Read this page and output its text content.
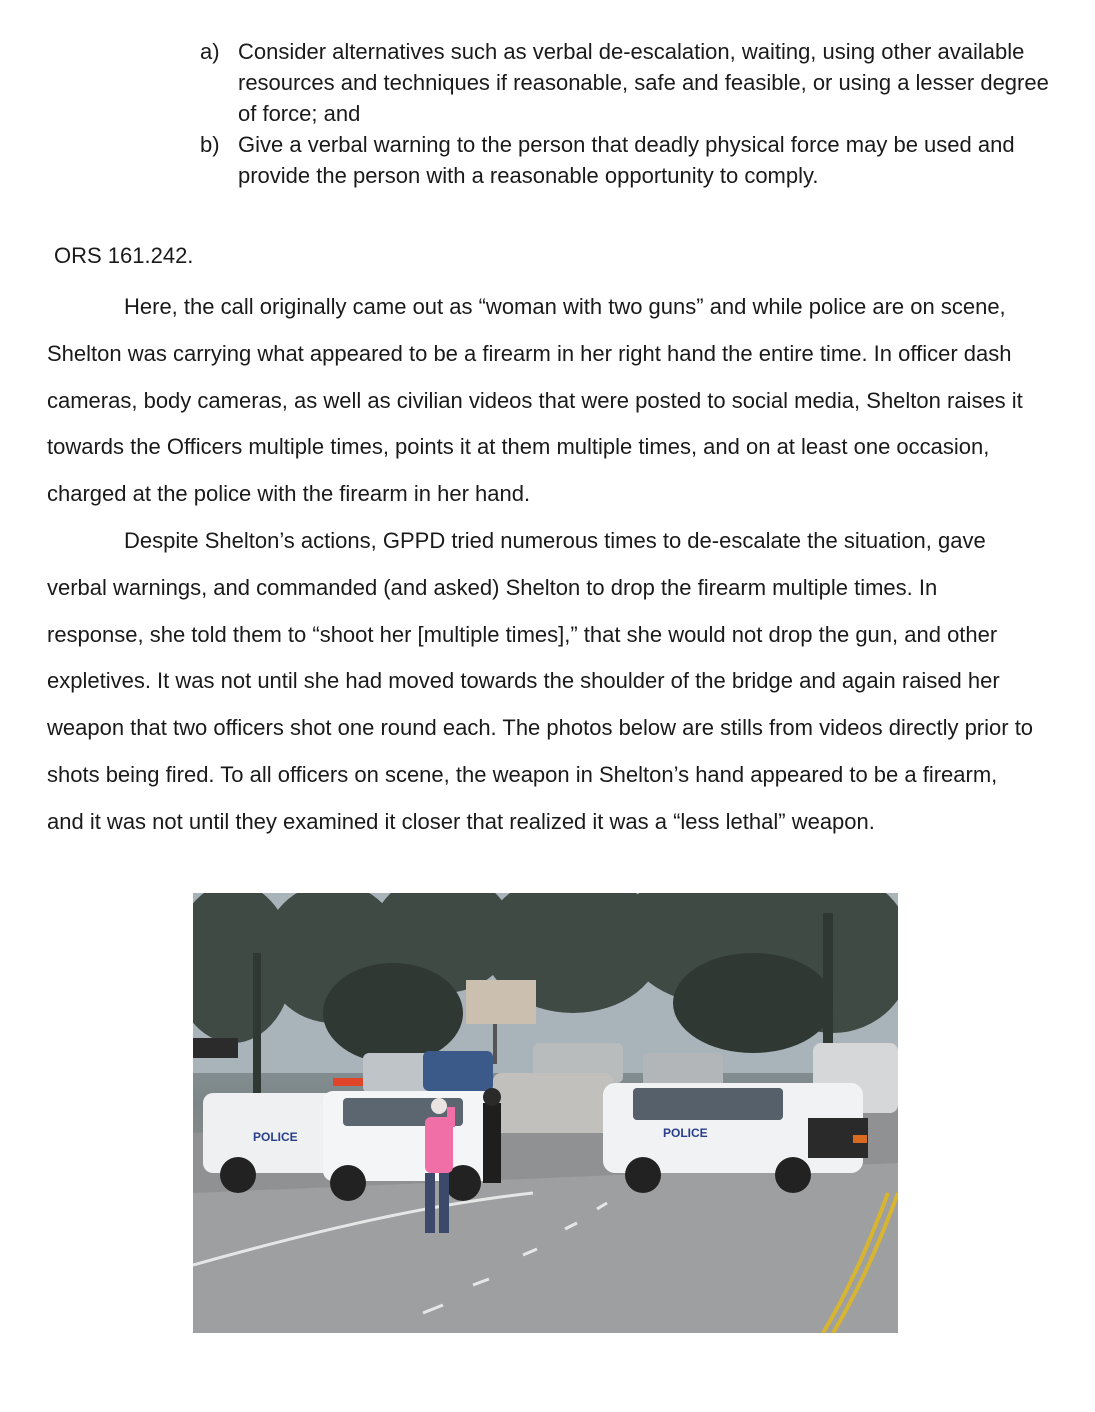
a) Consider alternatives such as verbal de-escalation, waiting, using other available resources and techniques if reasonable, safe and feasible, or using a lesser degree of force; and
b) Give a verbal warning to the person that deadly physical force may be used and provide the person with a reasonable opportunity to comply.
ORS 161.242.

Here, the call originally came out as “woman with two guns” and while police are on scene, Shelton was carrying what appeared to be a firearm in her right hand the entire time. In officer dash cameras, body cameras, as well as civilian videos that were posted to social media, Shelton raises it towards the Officers multiple times, points it at them multiple times, and on at least one occasion, charged at the police with the firearm in her hand.

Despite Shelton’s actions, GPPD tried numerous times to de-escalate the situation, gave verbal warnings, and commanded (and asked) Shelton to drop the firearm multiple times. In response, she told them to “shoot her [multiple times],” that she would not drop the gun, and other expletives. It was not until she had moved towards the shoulder of the bridge and again raised her weapon that two officers shot one round each. The photos below are stills from videos directly prior to shots being fired. To all officers on scene, the weapon in Shelton’s hand appeared to be a firearm, and it was not until they examined it closer that realized it was a “less lethal” weapon.

POLICE	POLICE
